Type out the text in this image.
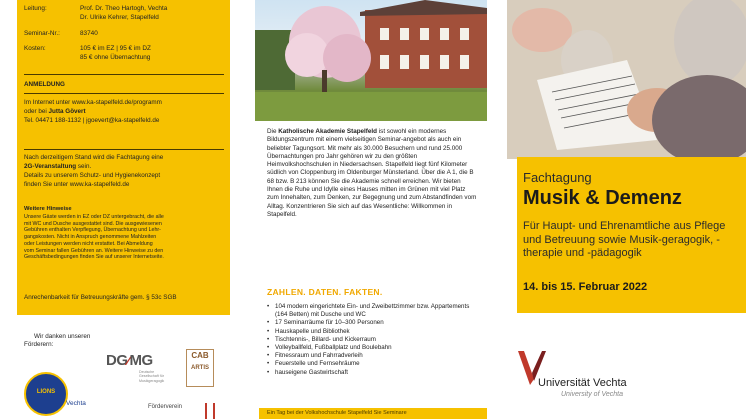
Leitung:	Prof. Dr. Theo Hartogh, Vechta
Dr. Ulrike Kehrer, Stapelfeld
Seminar-Nr.:	83740
Kosten:	105 € im EZ | 95 € im DZ
85 € ohne Übernachtung
ANMELDUNG
Im Internet unter www.ka-stapelfeld.de/programm
oder bei Jutta Gövert
Tel. 04471 188-1132 | jgoevert@ka-stapelfeld.de
Nach derzeitigem Stand wird die Fachtagung eine
2G-Veranstaltung sein.
Details zu unserem Schutz- und Hygienekonzept
finden Sie unter www.ka-stapelfeld.de
Weitere Hinweise
Unsere Gäste werden in EZ oder DZ untergebracht, die alle
mit WC und Dusche ausgestattet sind. Die ausgewiesenen
Gebühren enthalten Verpflegung, Übernachtung und Lehr-
gangskosten. Nicht in Anspruch genommene Mahlzeiten
oder Leistungen werden nicht erstattet. Bei Abmeldung
vom Seminar fallen Gebühren an. Weitere Hinweise zu den
Geschäftsbedingungen finden Sie auf unserer Internetseite.
Anrechenbarkeit für Betreuungskräfte gem. § 53c SGB
Wir danken unseren
Förderern:
LIONS
Vechta
DG⁄MG
Deutsche Gesellschaft für Musikgeragogik
CAB
ARTIS
Förderverein
Die Katholische Akademie Stapelfeld ist sowohl ein modernes Bildungszentrum mit einem vielseitigen Seminar-angebot als auch ein beliebter Tagungsort. Mit mehr als 30.000 Besuchern und rund 25.000 Übernachtungen pro Jahr gehören wir zu den größten Heimvolkshochschulen in Niedersachsen. Stapelfeld liegt fünf Kilometer südlich von Cloppenburg im Oldenburger Münsterland. Über die A 1, die B 68 bzw. B 213 können Sie die Akademie schnell erreichen. Wir bieten Ihnen die Ruhe und Idylle eines Hauses mitten im Grünen mit viel Platz zum Innehalten, zum Denken, zur Begegnung und zum Abstandfinden vom Alltag. Konzentrieren Sie sich auf das Wesentliche: Willkommen in Stapelfeld.
ZAHLEN. DATEN. FAKTEN.
• 104 modern eingerichtete Ein- und Zweibettzimmer bzw. Appartements (164 Betten) mit Dusche und WC
• 17 Seminarräume für 10–300 Personen
• Hauskapelle und Bibliothek
• Tischtennis-, Billard- und Kickerraum
• Volleyballfeld, Fußballplatz und Boulebahn
• Fitnessraum und Fahrradverleih
• Feuerstelle und Fernsehräume
• hauseigene Gastwirtschaft
Ein Tag bei der Volkshochschule Stapelfeld Sie Seminare
Fachtagung
Musik & Demenz
Für Haupt- und Ehrenamtliche aus Pflege und Betreuung sowie Musik-geragogik, -therapie und -pädagogik
14. bis 15. Februar 2022
Universität Vechta
University of Vechta
